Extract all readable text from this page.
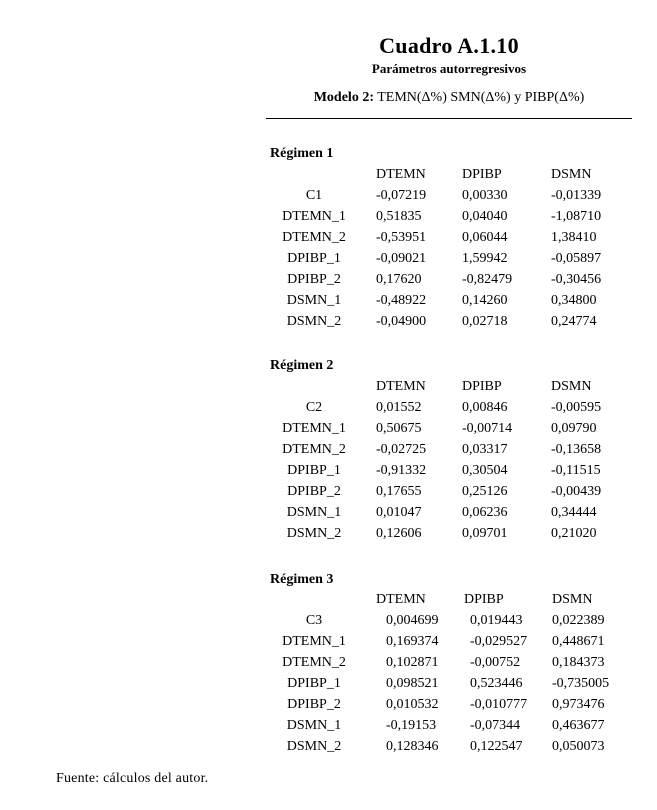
Cuadro A.1.10
Parámetros autorregresivos
Modelo 2: TEMN(Δ%) SMN(Δ%) y PIBP(Δ%)
Régimen 1
DTEMN	DPIBP	DSMN
C1	-0,07219	0,00330	-0,01339
DTEMN_1	0,51835	0,04040	-1,08710
DTEMN_2	-0,53951	0,06044	1,38410
DPIBP_1	-0,09021	1,59942	-0,05897
DPIBP_2	0,17620	-0,82479	-0,30456
DSMN_1	-0,48922	0,14260	0,34800
DSMN_2	-0,04900	0,02718	0,24774
Régimen 2
DTEMN	DPIBP	DSMN
C2	0,01552	0,00846	-0,00595
DTEMN_1	0,50675	-0,00714	0,09790
DTEMN_2	-0,02725	0,03317	-0,13658
DPIBP_1	-0,91332	0,30504	-0,11515
DPIBP_2	0,17655	0,25126	-0,00439
DSMN_1	0,01047	0,06236	0,34444
DSMN_2	0,12606	0,09701	0,21020
Régimen 3
DTEMN	DPIBP	DSMN
C3	0,004699 0,019443 0,022389
DTEMN_1	0,169374 -0,029527 0,448671
DTEMN_2	0,102871 -0,00752 0,184373
DPIBP_1	0,098521 0,523446 -0,735005
DPIBP_2	0,010532 -0,010777 0,973476
DSMN_1	-0,19153 -0,07344 0,463677
DSMN_2	0,128346 0,122547 0,050073
Fuente: cálculos del autor.
